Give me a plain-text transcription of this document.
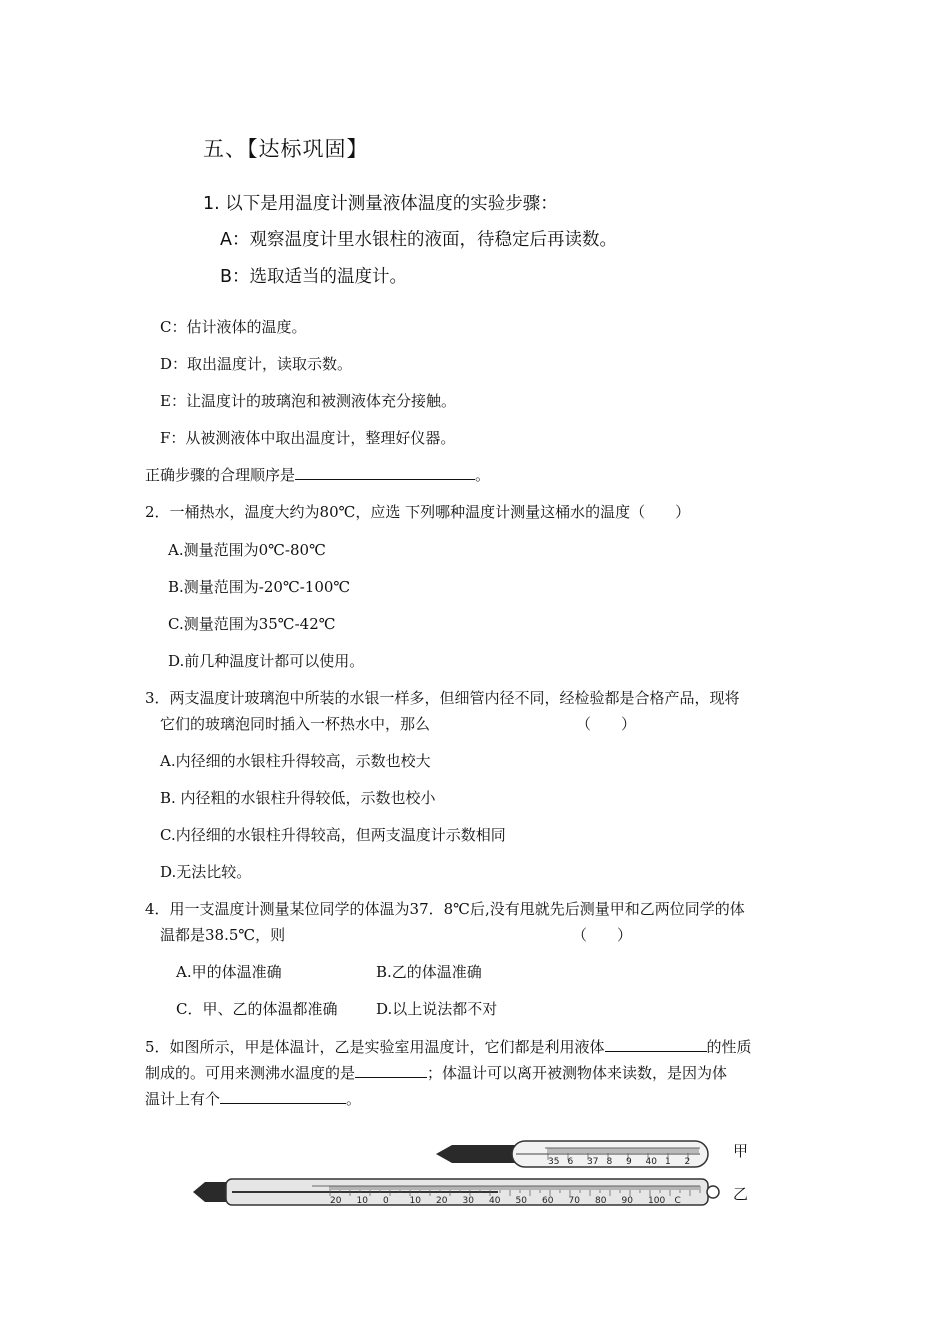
五、【达标巩固】
1. 以下是用温度计测量液体温度的实验步骤：
A：观察温度计里水银柱的液面，待稳定后再读数。
B：选取适当的温度计。
C：估计液体的温度。
D：取出温度计，读取示数。
E：让温度计的玻璃泡和被测液体充分接触。
F：从被测液体中取出温度计，整理好仪器。
正确步骤的合理顺序是	。
2．一桶热水，温度大约为80℃，应选 下列哪种温度计测量这桶水的温度（　　）
A.测量范围为0℃-80℃
B.测量范围为-20℃-100℃
C.测量范围为35℃-42℃
D.前几种温度计都可以使用。
3．两支温度计玻璃泡中所装的水银一样多，但细管内径不同，经检验都是合格产品，现将
它们的玻璃泡同时插入一杯热水中，那么	（　　）
A.内径细的水银柱升得较高，示数也校大
B. 内径粗的水银柱升得较低，示数也校小
C.内径细的水银柱升得较高，但两支温度计示数相同
D.无法比较。
4．用一支温度计测量某位同学的体温为37．8℃后,没有甩就先后测量甲和乙两位同学的体
温都是38.5℃，则	（　　）
A.甲的体温准确	B.乙的体温准确
C．甲、乙的体温都准确	D.以上说法都不对
5．如图所示，甲是体温计，乙是实验室用温度计，它们都是利用液体	的性质
制成的。可用来测沸水温度的是	；体温计可以离开被测物体来读数，是因为体
温计上有个	。
35 6 37 8 9 40 1 2
甲
20 10 0 10 20 30 40 50 60 70 80 90 100 C	乙
